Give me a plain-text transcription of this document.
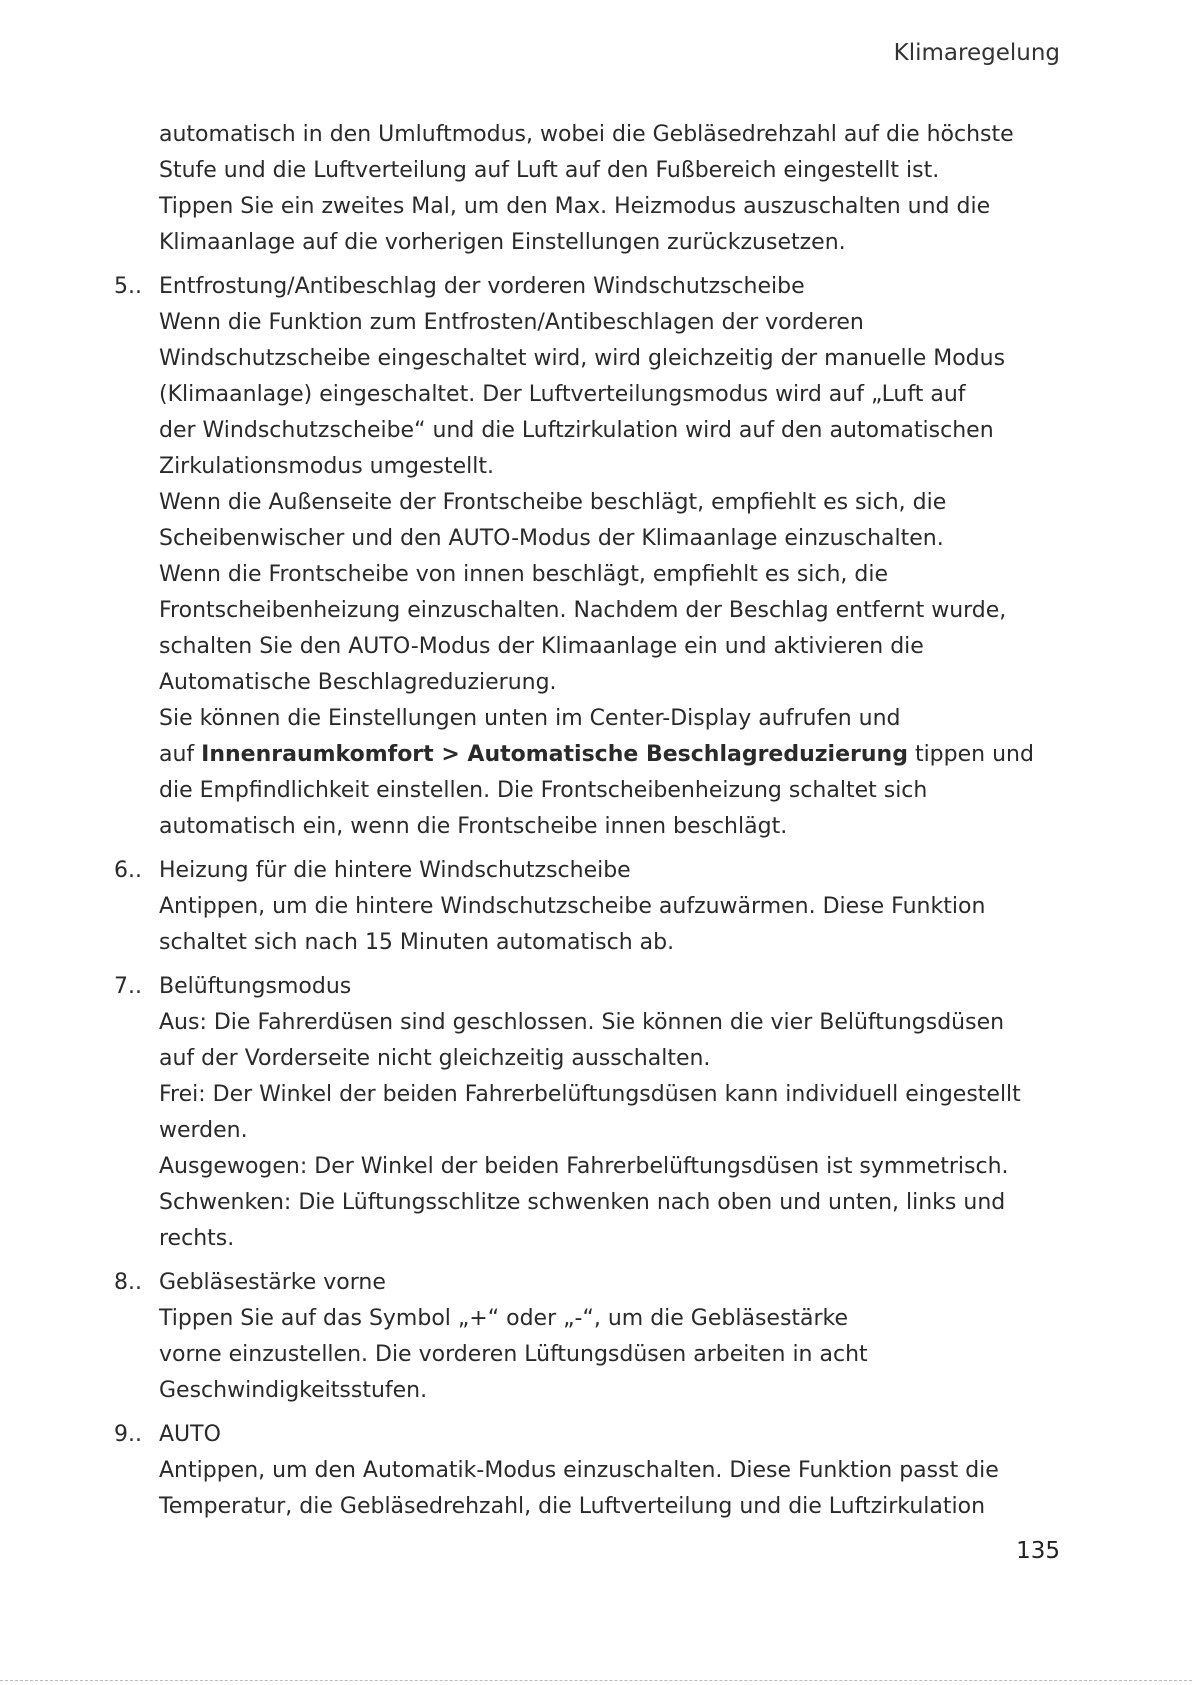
Klimaregelung

automatisch in den Umluftmodus, wobei die Gebläsedrehzahl auf die höchste
Stufe und die Luftverteilung auf Luft auf den Fußbereich eingestellt ist.
Tippen Sie ein zweites Mal, um den Max. Heizmodus auszuschalten und die
Klimaanlage auf die vorherigen Einstellungen zurückzusetzen.

5.. Entfrostung/Antibeschlag der vorderen Windschutzscheibe

Wenn die Funktion zum Entfrosten/Antibeschlagen der vorderen
Windschutzscheibe eingeschaltet wird, wird gleichzeitig der manuelle Modus
(Klimaanlage) eingeschaltet. Der Luftverteilungsmodus wird auf „Luft auf
der Windschutzscheibe“ und die Luftzirkulation wird auf den automatischen
Zirkulationsmodus umgestellt.

Wenn die Außenseite der Frontscheibe beschlägt, empfiehlt es sich, die
Scheibenwischer und den AUTO-Modus der Klimaanlage einzuschalten.

Wenn die Frontscheibe von innen beschlägt, empfiehlt es sich, die
Frontscheibenheizung einzuschalten. Nachdem der Beschlag entfernt wurde,
schalten Sie den AUTO-Modus der Klimaanlage ein und aktivieren die
Automatische Beschlagreduzierung.

Sie können die Einstellungen unten im Center-Display aufrufen und
auf Innenraumkomfort > Automatische Beschlagreduzierung tippen und
die Empfindlichkeit einstellen. Die Frontscheibenheizung schaltet sich
automatisch ein, wenn die Frontscheibe innen beschlägt.

6.. Heizung für die hintere Windschutzscheibe

Antippen, um die hintere Windschutzscheibe aufzuwärmen. Diese Funktion
schaltet sich nach 15 Minuten automatisch ab.

7.. Belüftungsmodus

Aus: Die Fahrerdüsen sind geschlossen. Sie können die vier Belüftungsdüsen
auf der Vorderseite nicht gleichzeitig ausschalten.

Frei: Der Winkel der beiden Fahrerbelüftungsdüsen kann individuell eingestellt
werden.

Ausgewogen: Der Winkel der beiden Fahrerbelüftungsdüsen ist symmetrisch.

Schwenken: Die Lüftungsschlitze schwenken nach oben und unten, links und
rechts.

8.. Gebläsestärke vorne

Tippen Sie auf das Symbol „+“ oder „-“, um die Gebläsestärke
vorne einzustellen. Die vorderen Lüftungsdüsen arbeiten in acht
Geschwindigkeitsstufen.

9.. AUTO

Antippen, um den Automatik-Modus einzuschalten. Diese Funktion passt die
Temperatur, die Gebläsedrehzahl, die Luftverteilung und die Luftzirkulation

135
